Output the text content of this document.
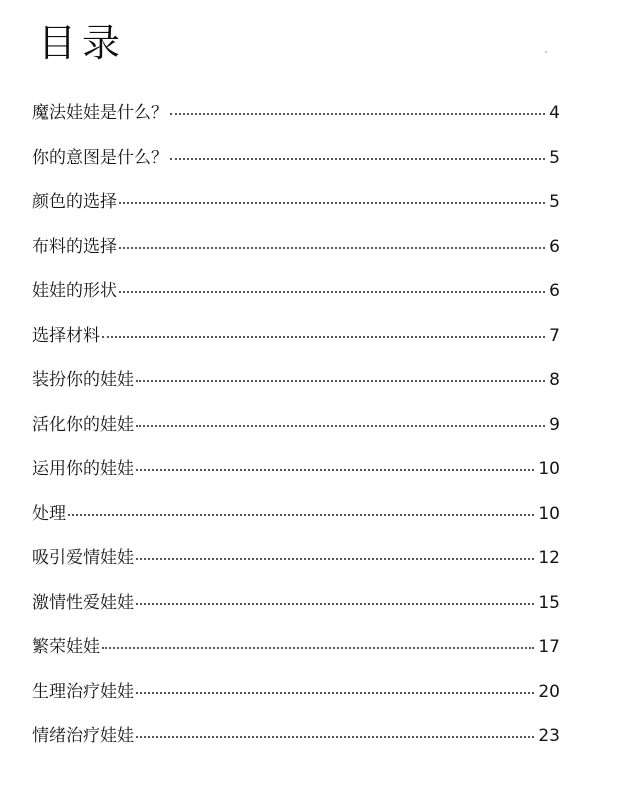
目录
魔法娃娃是什么？	4
你的意图是什么？	5
颜色的选择	5
布料的选择	6
娃娃的形状	6
选择材料	7
装扮你的娃娃	8
活化你的娃娃	9
运用你的娃娃	10
处理	10
吸引爱情娃娃	12
激情性爱娃娃	15
繁荣娃娃	17
生理治疗娃娃	20
情绪治疗娃娃	23
